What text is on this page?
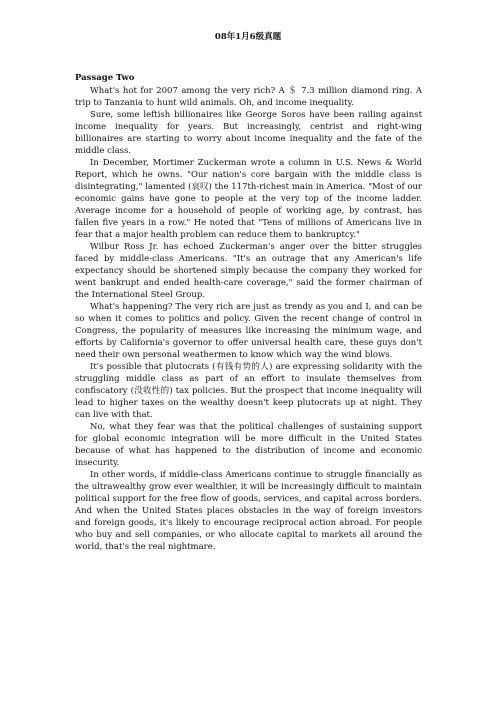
08年1月6级真题
Passage Two

What's hot for 2007 among the very rich? A ＄ 7.3 million diamond ring. A trip to Tanzania to hunt wild animals. Oh, and income inequality.

Sure, some leftish billionaires like George Soros have been railing against income inequality for years. But increasingly, centrist and right-wing billionaires are starting to worry about income inequality and the fate of the middle class.

In December, Mortimer Zuckerman wrote a column in U.S. News & World Report, which he owns. "Our nation's core bargain with the middle class is disintegrating," lamented (哀叹) the 117th-richest main in America. "Most of our economic gains have gone to people at the very top of the income ladder. Average income for a household of people of working age, by contrast, has fallen five years in a row." He noted that "Tens of millions of Americans live in fear that a major health problem can reduce them to bankruptcy."

Wilbur Ross Jr. has echoed Zuckerman's anger over the bitter struggles faced by middle-class Americans. "It's an outrage that any American's life expectancy should be shortened simply because the company they worked for went bankrupt and ended health-care coverage," said the former chairman of the International Steel Group.

What's happening? The very rich are just as trendy as you and I, and can be so when it comes to politics and policy. Given the recent change of control in Congress, the popularity of measures like increasing the minimum wage, and efforts by California's governor to offer universal health care, these guys don't need their own personal weathermen to know which way the wind blows.

It's possible that plutocrats (有钱有势的人) are expressing solidarity with the struggling middle class as part of an effort to insulate themselves from confiscatory (没收性的) tax policies. But the prospect that income inequality will lead to higher taxes on the wealthy doesn't keep plutocrats up at night. They can live with that.

No, what they fear was that the political challenges of sustaining support for global economic integration will be more difficult in the United States because of what has happened to the distribution of income and economic insecurity.

In other words, if middle-class Americans continue to struggle financially as the ultrawealthy grow ever wealthier, it will be increasingly difficult to maintain political support for the free flow of goods, services, and capital across borders. And when the United States places obstacles in the way of foreign investors and foreign goods, it's likely to encourage reciprocal action abroad. For people who buy and sell companies, or who allocate capital to markets all around the world, that's the real nightmare.
